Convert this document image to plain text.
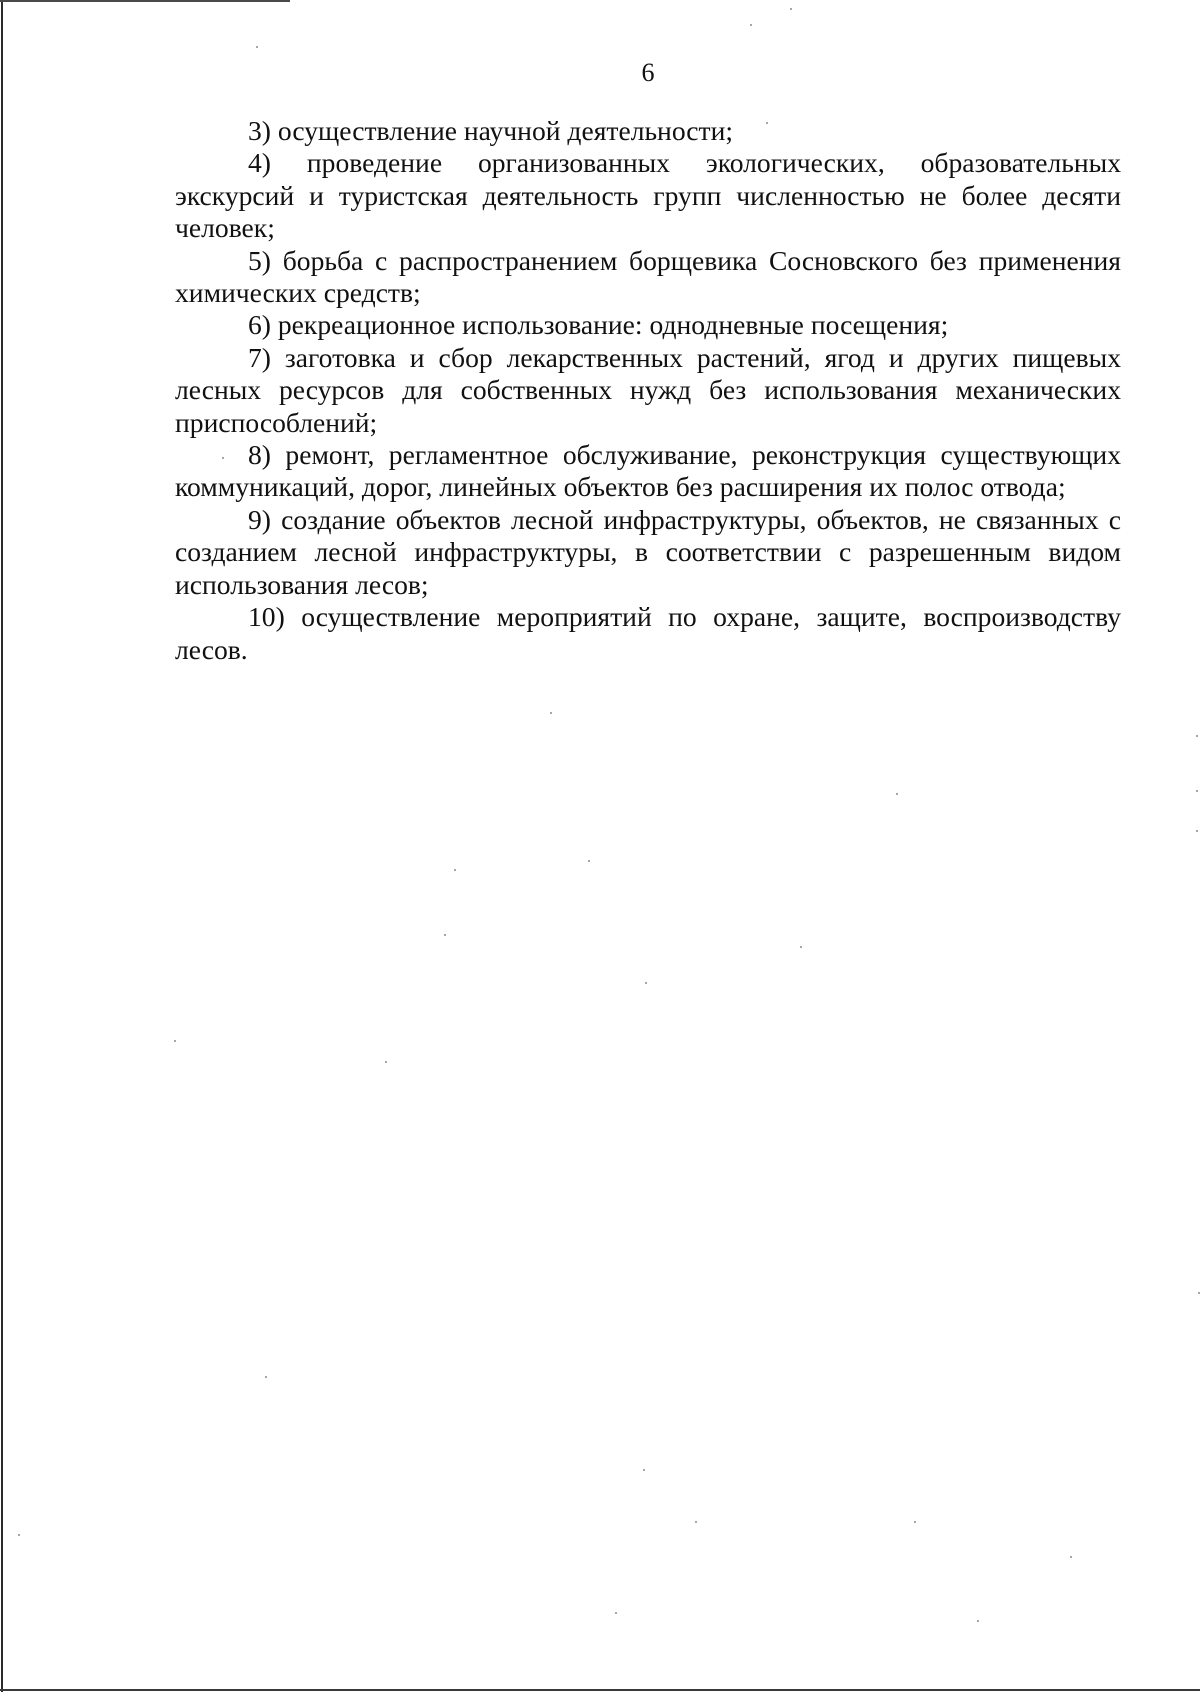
6

3) осуществление научной деятельности;

4) проведение организованных экологических, образовательных экскурсий и туристская деятельность групп численностью не более десяти человек;

5) борьба с распространением борщевика Сосновского без применения химических средств;

6) рекреационное использование: однодневные посещения;

7) заготовка и сбор лекарственных растений, ягод и других пищевых лесных ресурсов для собственных нужд без использования механических приспособлений;

8) ремонт, регламентное обслуживание, реконструкция существующих коммуникаций, дорог, линейных объектов без расширения их полос отвода;

9) создание объектов лесной инфраструктуры, объектов, не связанных с созданием лесной инфраструктуры, в соответствии с разрешенным видом использования лесов;

10) осуществление мероприятий по охране, защите, воспроизводству лесов.
